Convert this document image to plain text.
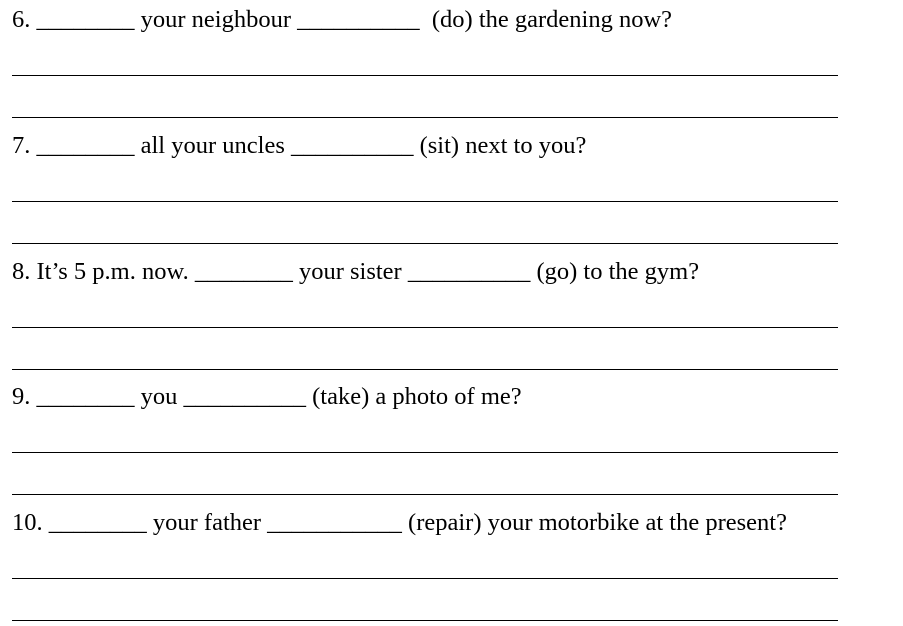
6. ________ your neighbour __________  (do) the gardening now?
7. ________ all your uncles __________ (sit) next to you?
8. It’s 5 p.m. now. ________ your sister __________ (go) to the gym?
9. ________ you __________ (take) a photo of me?
10. ________ your father ___________ (repair) your motorbike at the present?
